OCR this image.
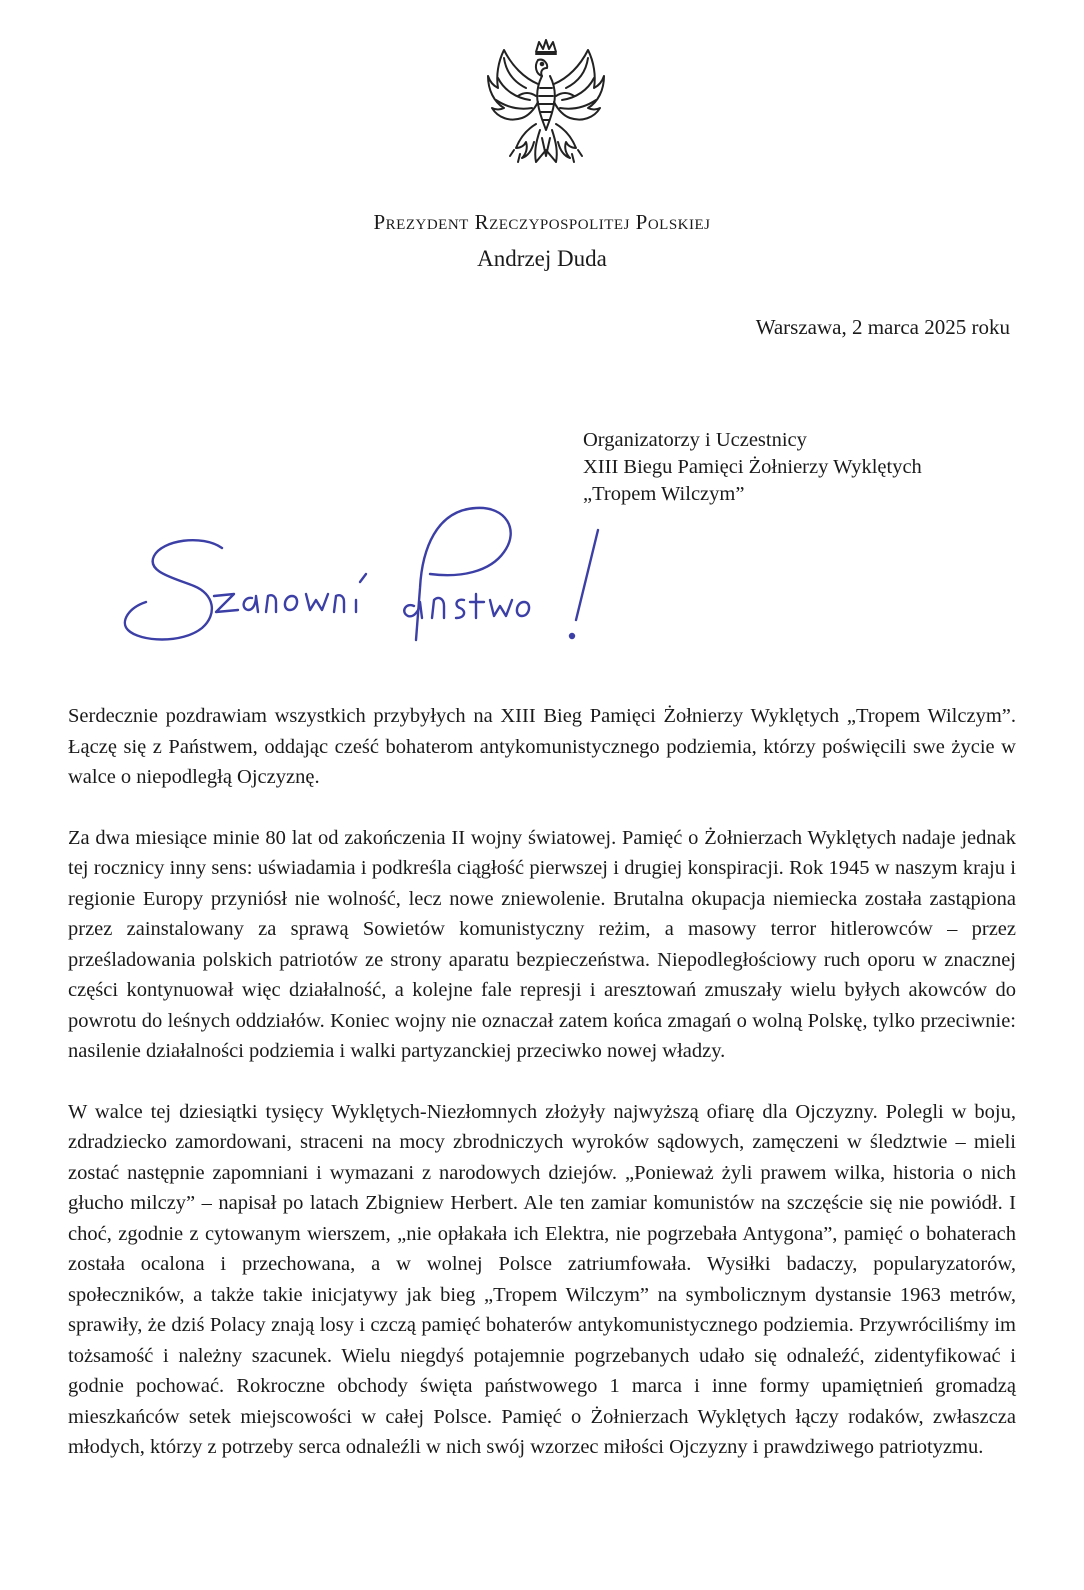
Prezydent Rzeczypospolitej Polskiej
Andrzej Duda
Warszawa, 2 marca 2025 roku
Organizatorzy i Uczestnicy
XIII Biegu Pamięci Żołnierzy Wyklętych
„Tropem Wilczym”

Serdecznie pozdrawiam wszystkich przybyłych na XIII Bieg Pamięci Żołnierzy Wyklętych „Tropem Wilczym”. Łączę się z Państwem, oddając cześć bohaterom antykomunistycznego podziemia, którzy poświęcili swe życie w walce o niepodległą Ojczyznę.

Za dwa miesiące minie 80 lat od zakończenia II wojny światowej. Pamięć o Żołnierzach Wyklętych nadaje jednak tej rocznicy inny sens: uświadamia i podkreśla ciągłość pierwszej i drugiej konspiracji. Rok 1945 w naszym kraju i regionie Europy przyniósł nie wolność, lecz nowe zniewolenie. Brutalna okupacja niemiecka została zastąpiona przez zainstalowany za sprawą Sowietów komunistyczny reżim, a masowy terror hitlerowców – przez prześladowania polskich patriotów ze strony aparatu bezpieczeństwa. Niepodległościowy ruch oporu w znacznej części kontynuował więc działalność, a kolejne fale represji i aresztowań zmuszały wielu byłych akowców do powrotu do leśnych oddziałów. Koniec wojny nie oznaczał zatem końca zmagań o wolną Polskę, tylko przeciwnie: nasilenie działalności podziemia i walki partyzanckiej przeciwko nowej władzy.

W walce tej dziesiątki tysięcy Wyklętych-Niezłomnych złożyły najwyższą ofiarę dla Ojczyzny. Polegli w boju, zdradziecko zamordowani, straceni na mocy zbrodniczych wyroków sądowych, zamęczeni w śledztwie – mieli zostać następnie zapomniani i wymazani z narodowych dziejów. „Ponieważ żyli prawem wilka, historia o nich głucho milczy” – napisał po latach Zbigniew Herbert. Ale ten zamiar komunistów na szczęście się nie powiódł. I choć, zgodnie z cytowanym wierszem, „nie opłakała ich Elektra, nie pogrzebała Antygona”, pamięć o bohaterach została ocalona i przechowana, a w wolnej Polsce zatriumfowała. Wysiłki badaczy, popularyzatorów, społeczników, a także takie inicjatywy jak bieg „Tropem Wilczym” na symbolicznym dystansie 1963 metrów, sprawiły, że dziś Polacy znają losy i czczą pamięć bohaterów antykomunistycznego podziemia. Przywróciliśmy im tożsamość i należny szacunek. Wielu niegdyś potajemnie pogrzebanych udało się odnaleźć, zidentyfikować i godnie pochować. Rokroczne obchody święta państwowego 1 marca i inne formy upamiętnień gromadzą mieszkańców setek miejscowości w całej Polsce. Pamięć o Żołnierzach Wyklętych łączy rodaków, zwłaszcza młodych, którzy z potrzeby serca odnaleźli w nich swój wzorzec miłości Ojczyzny i prawdziwego patriotyzmu.
